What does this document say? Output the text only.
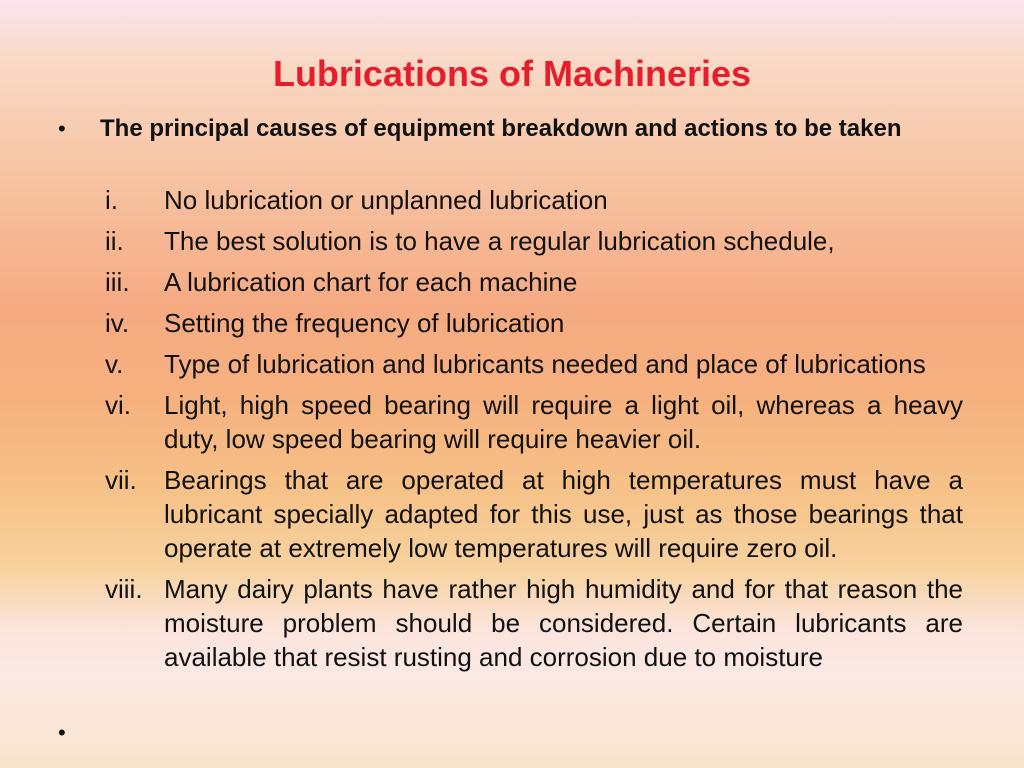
Lubrications of Machineries
• The principal causes of equipment breakdown and actions to be taken
i.	No lubrication or unplanned lubrication
ii.	The best solution is to have a regular lubrication schedule,
iii.	A lubrication chart for each machine
iv.	Setting the frequency of lubrication
v.	Type of lubrication and lubricants needed and place of lubrications
vi.	Light, high speed bearing will require a light oil, whereas a heavy duty, low speed bearing will require heavier oil.
vii.	Bearings that are operated at high temperatures must have a lubricant specially adapted for this use, just as those bearings that operate at extremely low temperatures will require zero oil.
viii. Many dairy plants have rather high humidity and for that reason the moisture problem should be considered. Certain lubricants are available that resist rusting and corrosion due to moisture
•
